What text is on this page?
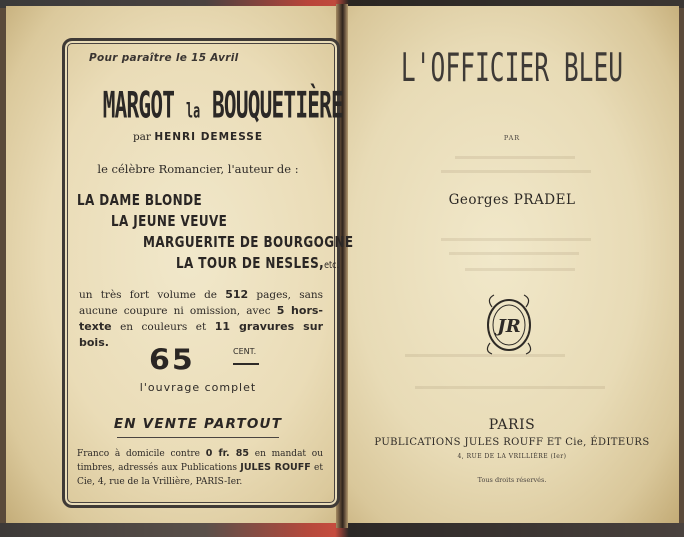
Pour paraître le 15 Avril
MARGOT la BOUQUETIÈRE
par HENRI DEMESSE
le célèbre Romancier, l'auteur de :
LA DAME BLONDE
LA JEUNE VEUVE
MARGUERITE DE BOURGOGNE
LA TOUR DE NESLES,etc.
un très fort volume de 512 pages, sans aucune coupure ni omission, avec 5 hors-texte en couleurs et 11 gravures sur bois.
65	CENT.
l'ouvrage complet
EN VENTE PARTOUT
Franco à domicile contre 0 fr. 85 en mandat ou timbres, adressés aux Publications JULES ROUFF et Cie, 4, rue de la Vrillière, PARIS-Ier.
L'OFFICIER BLEU
PAR
Georges PRADEL
JR
PARIS
PUBLICATIONS JULES ROUFF ET Cie, ÉDITEURS
4, RUE DE LA VRILLIÈRE (Ier)
Tous droits réservés.
